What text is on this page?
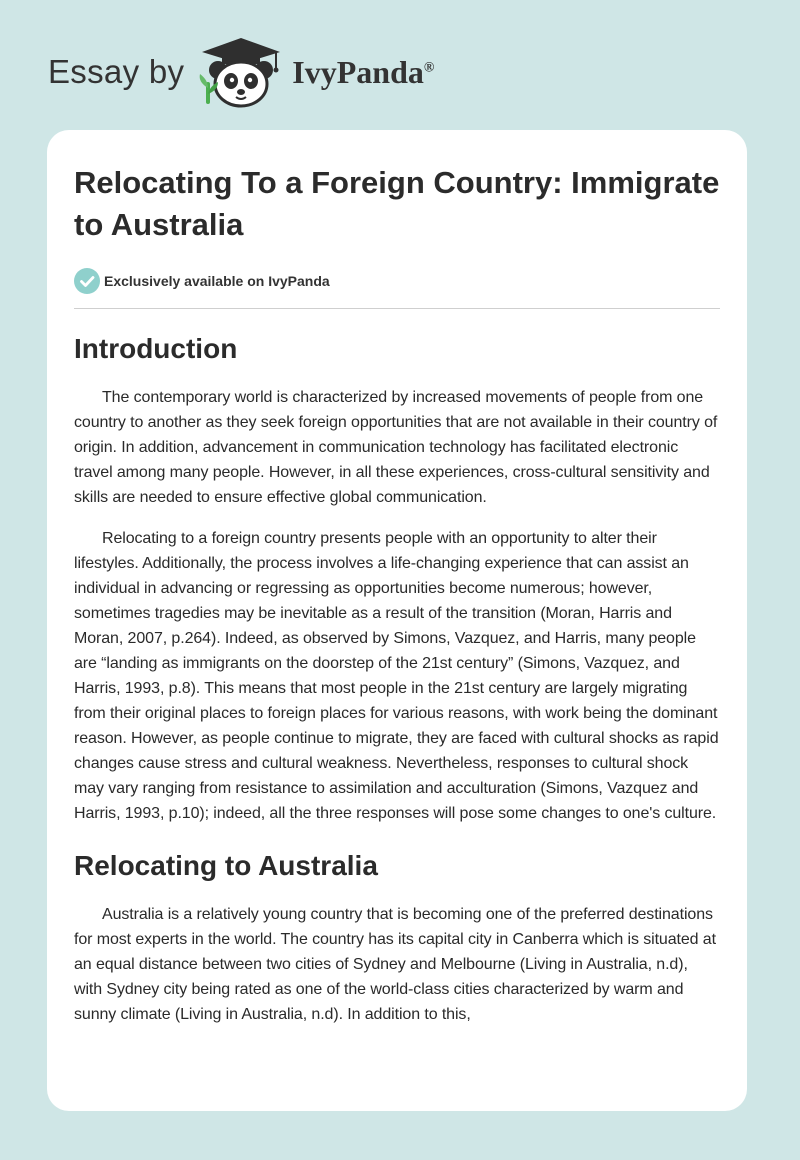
Essay by	IvyPanda®
Relocating To a Foreign Country: Immigrate to Australia
Exclusively available on IvyPanda
Introduction

The contemporary world is characterized by increased movements of people from one country to another as they seek foreign opportunities that are not available in their country of origin. In addition, advancement in communication technology has facilitated electronic travel among many people. However, in all these experiences, cross-cultural sensitivity and skills are needed to ensure effective global communication.

Relocating to a foreign country presents people with an opportunity to alter their lifestyles. Additionally, the process involves a life-changing experience that can assist an individual in advancing or regressing as opportunities become numerous; however, sometimes tragedies may be inevitable as a result of the transition (Moran, Harris and Moran, 2007, p.264). Indeed, as observed by Simons, Vazquez, and Harris, many people are “landing as immigrants on the doorstep of the 21st century” (Simons, Vazquez, and Harris, 1993, p.8). This means that most people in the 21st century are largely migrating from their original places to foreign places for various reasons, with work being the dominant reason. However, as people continue to migrate, they are faced with cultural shocks as rapid changes cause stress and cultural weakness. Nevertheless, responses to cultural shock may vary ranging from resistance to assimilation and acculturation (Simons, Vazquez and Harris, 1993, p.10); indeed, all the three responses will pose some changes to one's culture.

Relocating to Australia

Australia is a relatively young country that is becoming one of the preferred destinations for most experts in the world. The country has its capital city in Canberra which is situated at an equal distance between two cities of Sydney and Melbourne (Living in Australia, n.d), with Sydney city being rated as one of the world-class cities characterized by warm and sunny climate (Living in Australia, n.d). In addition to this,
